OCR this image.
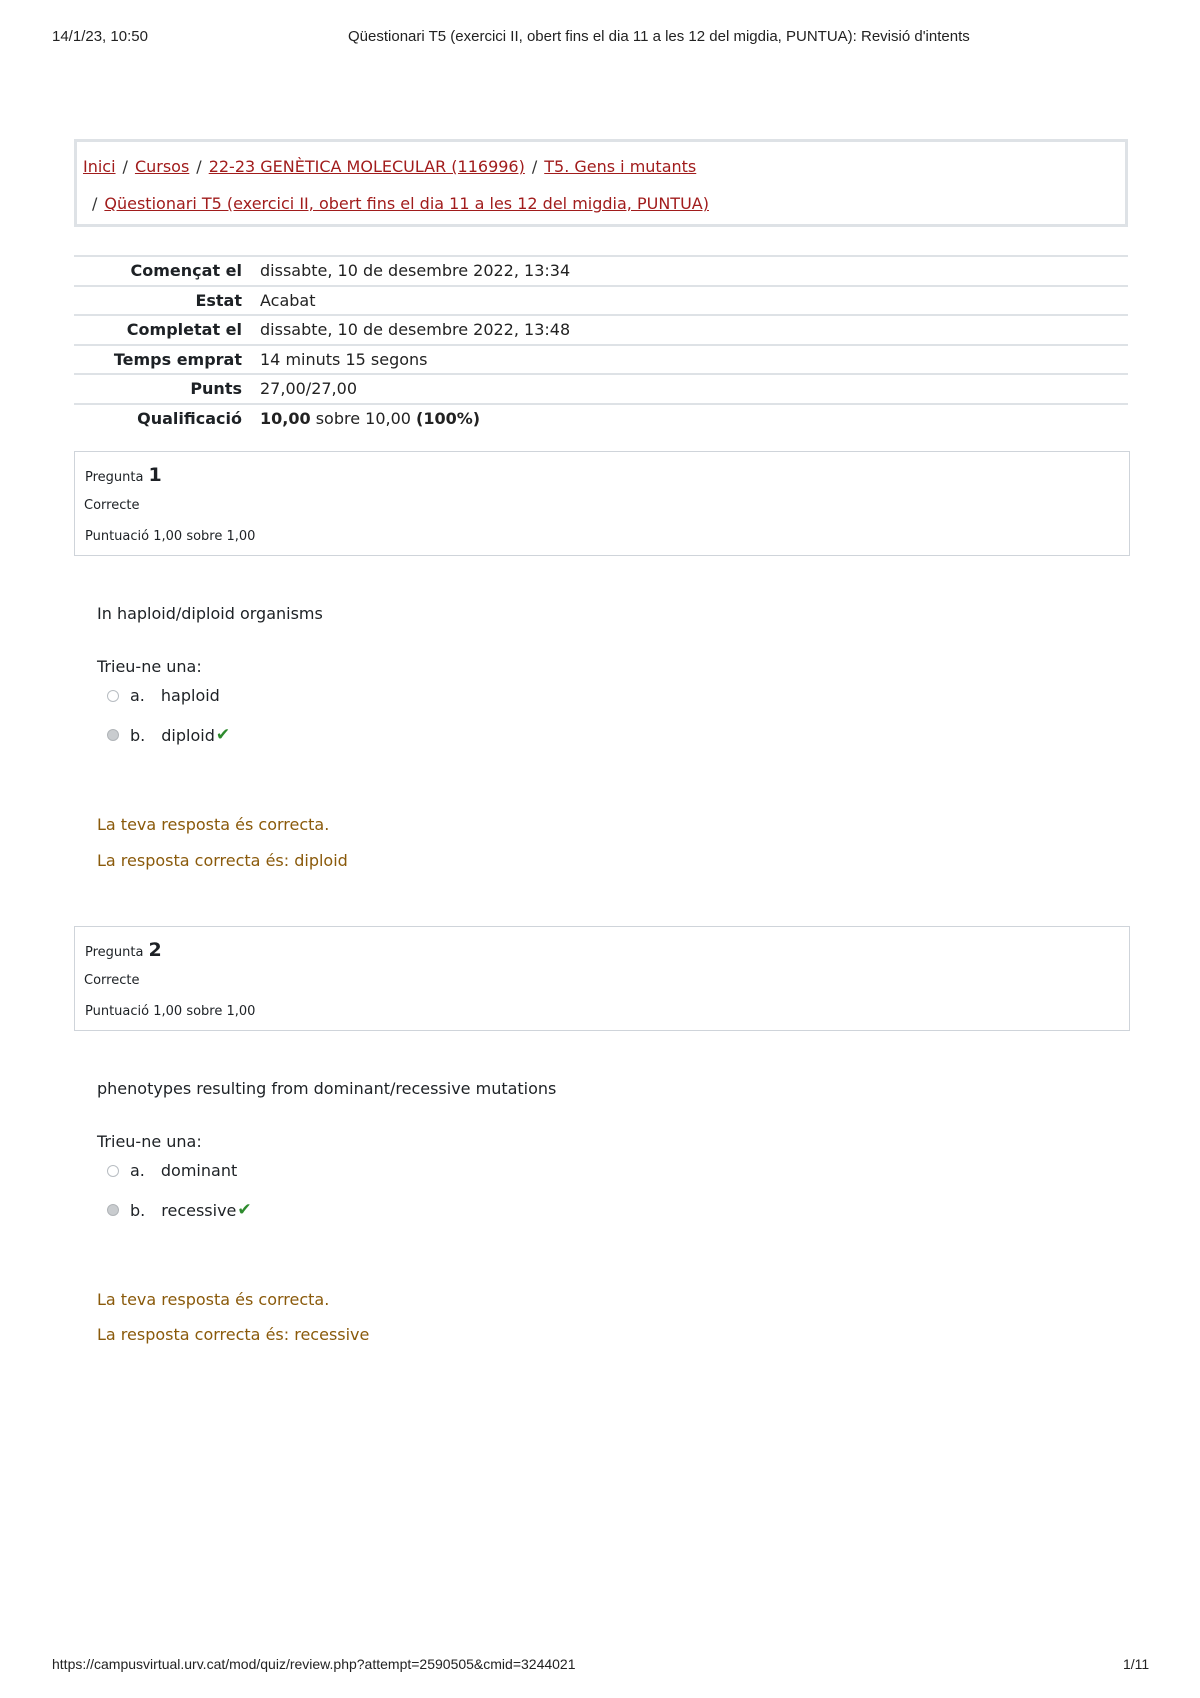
14/1/23, 10:50	Qüestionari T5 (exercici II, obert fins el dia 11 a les 12 del migdia, PUNTUA): Revisió d'intents
Inici / Cursos / 22-23 GENÈTICA MOLECULAR (116996) / T5. Gens i mutants
/ Qüestionari T5 (exercici II, obert fins el dia 11 a les 12 del migdia, PUNTUA)
Començat el	dissabte, 10 de desembre 2022, 13:34
Estat	Acabat
Completat el	dissabte, 10 de desembre 2022, 13:48
Temps emprat	14 minuts 15 segons
Punts	27,00/27,00
Qualificació	10,00 sobre 10,00 (100%)
Pregunta 1
Correcte
Puntuació 1,00 sobre 1,00
In haploid/diploid organisms
Trieu-ne una:
a. haploid
b. diploid ✔
La teva resposta és correcta.
La resposta correcta és: diploid
Pregunta 2
Correcte
Puntuació 1,00 sobre 1,00
phenotypes resulting from dominant/recessive mutations
Trieu-ne una:
a. dominant
b. recessive ✔
La teva resposta és correcta.
La resposta correcta és: recessive
https://campusvirtual.urv.cat/mod/quiz/review.php?attempt=2590505&cmid=3244021	1/11
